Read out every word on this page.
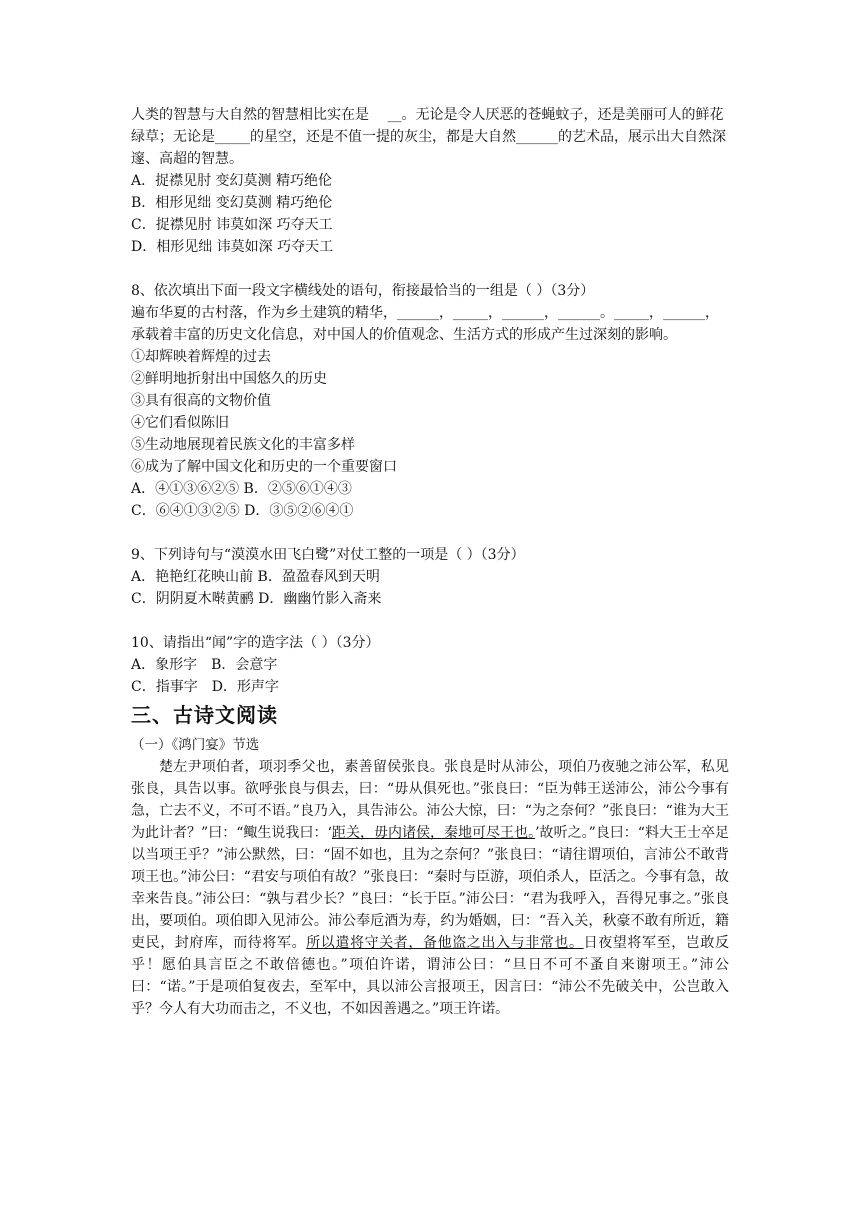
人类的智慧与大自然的智慧相比实在是　 __。无论是令人厌恶的苍蝇蚊子，还是美丽可人的鲜花绿草；无论是_____的星空，还是不值一提的灰尘，都是大自然______的艺术品，展示出大自然深邃、高超的智慧。

A．捉襟见肘 变幻莫测 精巧绝伦

B．相形见绌 变幻莫测 精巧绝伦

C．捉襟见肘 讳莫如深 巧夺天工

D．相形见绌 讳莫如深 巧夺天工

8、依次填出下面一段文字横线处的语句，衔接最恰当的一组是（ ）（3分）

遍布华夏的古村落，作为乡土建筑的精华，______，_____，______，______。_____，______，承载着丰富的历史文化信息，对中国人的价值观念、生活方式的形成产生过深刻的影响。

①却辉映着辉煌的过去

②鲜明地折射出中国悠久的历史

③具有很高的文物价值

④它们看似陈旧

⑤生动地展现着民族文化的丰富多样

⑥成为了解中国文化和历史的一个重要窗口

A．④①③⑥②⑤ B．②⑤⑥①④③

C．⑥④①③②⑤ D．③⑤②⑥④①

9、下列诗句与“漠漠水田飞白鹭”对仗工整的一项是（ ）（3分）

A．艳艳红花映山前 B．盈盈春风到天明

C．阴阴夏木啭黄鹂 D．幽幽竹影入斋来

10、请指出“闻”字的造字法（ ）（3分）

A．象形字　B．会意字

C．指事字　D．形声字

三、古诗文阅读

（一）《鸿门宴》节选

楚左尹项伯者，项羽季父也，素善留侯张良。张良是时从沛公，项伯乃夜驰之沛公军，私见张良，具告以事。欲呼张良与俱去，曰：“毋从俱死也。”张良曰：“臣为韩王送沛公，沛公今事有急，亡去不义，不可不语。”良乃入，具告沛公。沛公大惊，曰：“为之奈何？”张良曰：“谁为大王为此计者？”曰：“鲰生说我曰：‘距关，毋内诸侯，秦地可尽王也。’故听之。”良曰：“料大王士卒足以当项王乎？”沛公默然，曰：“固不如也，且为之奈何？”张良曰：“请往谓项伯，言沛公不敢背项王也。”沛公曰：“君安与项伯有故？”张良曰：“秦时与臣游，项伯杀人，臣活之。今事有急，故幸来告良。”沛公曰：“孰与君少长？”良曰：“长于臣。”沛公曰：“君为我呼入，吾得兄事之。”张良出，要项伯。项伯即入见沛公。沛公奉卮酒为寿，约为婚姻，曰：“吾入关，秋豪不敢有所近，籍吏民，封府库，而待将军。所以遣将守关者，备他盗之出入与非常也。日夜望将军至，岂敢反乎！愿伯具言臣之不敢倍德也。”项伯许诺，谓沛公曰：“旦日不可不蚤自来谢项王。”沛公曰：“诺。”于是项伯复夜去，至军中，具以沛公言报项王，因言曰：“沛公不先破关中，公岂敢入乎？今人有大功而击之，不义也，不如因善遇之。”项王许诺。
